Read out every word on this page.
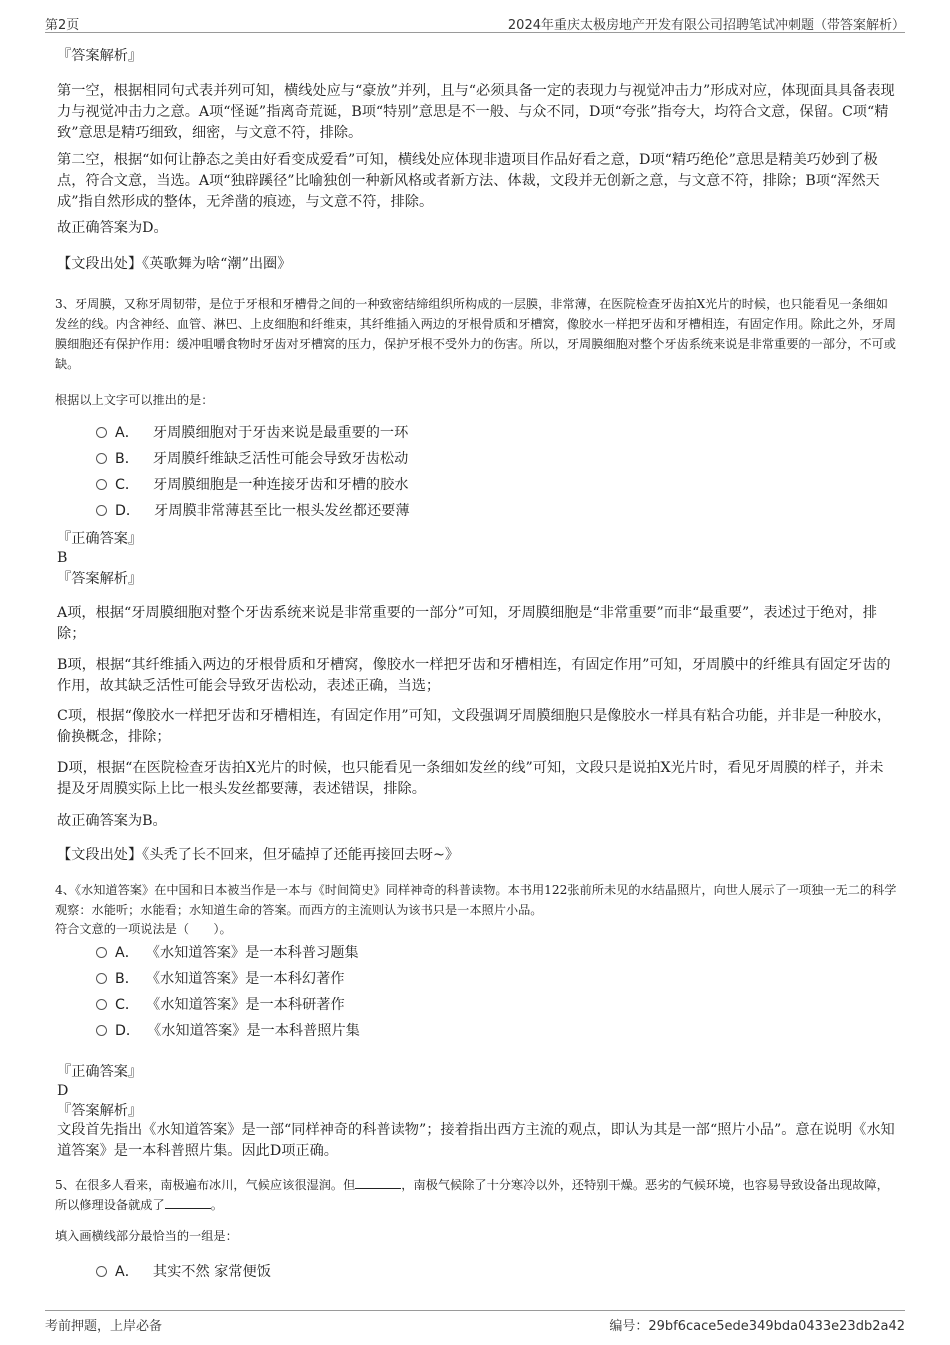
第2页	2024年重庆太极房地产开发有限公司招聘笔试冲刺题（带答案解析）

『答案解析』

第一空，根据相同句式表并列可知，横线处应与“豪放”并列，且与“必须具备一定的表现力与视觉冲击力”形成对应，体现面具具备表现力与视觉冲击力之意。A项“怪诞”指离奇荒诞，B项“特别”意思是不一般、与众不同，D项“夸张”指夸大，均符合文意，保留。C项“精致”意思是精巧细致，细密，与文意不符，排除。

第二空，根据“如何让静态之美由好看变成爱看”可知，横线处应体现非遗项目作品好看之意，D项“精巧绝伦”意思是精美巧妙到了极点，符合文意，当选。A项“独辟蹊径”比喻独创一种新风格或者新方法、体裁，文段并无创新之意，与文意不符，排除；B项“浑然天成”指自然形成的整体，无斧凿的痕迹，与文意不符，排除。

故正确答案为D。

【文段出处】《英歌舞为啥“潮”出圈》

3、牙周膜，又称牙周韧带，是位于牙根和牙槽骨之间的一种致密结缔组织所构成的一层膜，非常薄，在医院检查牙齿拍X光片的时候，也只能看见一条细如发丝的线。内含神经、血管、淋巴、上皮细胞和纤维束，其纤维插入两边的牙根骨质和牙槽窝，像胶水一样把牙齿和牙槽相连，有固定作用。除此之外，牙周膜细胞还有保护作用：缓冲咀嚼食物时牙齿对牙槽窝的压力，保护牙根不受外力的伤害。所以，牙周膜细胞对整个牙齿系统来说是非常重要的一部分，不可或缺。

根据以上文字可以推出的是：

A． 牙周膜细胞对于牙齿来说是最重要的一环
B． 牙周膜纤维缺乏活性可能会导致牙齿松动
C． 牙周膜细胞是一种连接牙齿和牙槽的胶水
D． 牙周膜非常薄甚至比一根头发丝都还要薄

『正确答案』

B

『答案解析』

A项，根据“牙周膜细胞对整个牙齿系统来说是非常重要的一部分”可知，牙周膜细胞是“非常重要”而非“最重要”，表述过于绝对，排除；

B项，根据“其纤维插入两边的牙根骨质和牙槽窝，像胶水一样把牙齿和牙槽相连，有固定作用”可知，牙周膜中的纤维具有固定牙齿的作用，故其缺乏活性可能会导致牙齿松动，表述正确，当选；

C项，根据“像胶水一样把牙齿和牙槽相连，有固定作用”可知，文段强调牙周膜细胞只是像胶水一样具有粘合功能，并非是一种胶水，偷换概念，排除；

D项，根据“在医院检查牙齿拍X光片的时候，也只能看见一条细如发丝的线”可知，文段只是说拍X光片时，看见牙周膜的样子，并未提及牙周膜实际上比一根头发丝都要薄，表述错误，排除。

故正确答案为B。

【文段出处】《头秃了长不回来，但牙磕掉了还能再接回去呀~》

4、《水知道答案》在中国和日本被当作是一本与《时间简史》同样神奇的科普读物。本书用122张前所未见的水结晶照片，向世人展示了一项独一无二的科学观察：水能听；水能看；水知道生命的答案。而西方的主流则认为该书只是一本照片小品。

符合文意的一项说法是（　　）。

A． 《水知道答案》是一本科普习题集
B． 《水知道答案》是一本科幻著作
C． 《水知道答案》是一本科研著作
D． 《水知道答案》是一本科普照片集

『正确答案』

D

『答案解析』

文段首先指出《水知道答案》是一部“同样神奇的科普读物”；接着指出西方主流的观点，即认为其是一部“照片小品”。意在说明《水知道答案》是一本科普照片集。因此D项正确。

5、在很多人看来，南极遍布冰川，气候应该很湿润。但	，南极气候除了十分寒冷以外，还特别干燥。恶劣的气候环境，也容易导致设备出现故障，所以修理设备就成了	。

填入画横线部分最恰当的一组是：

A． 其实不然 家常便饭
考前押题，上岸必备	编号：29bf6cace5ede349bda0433e23db2a42
